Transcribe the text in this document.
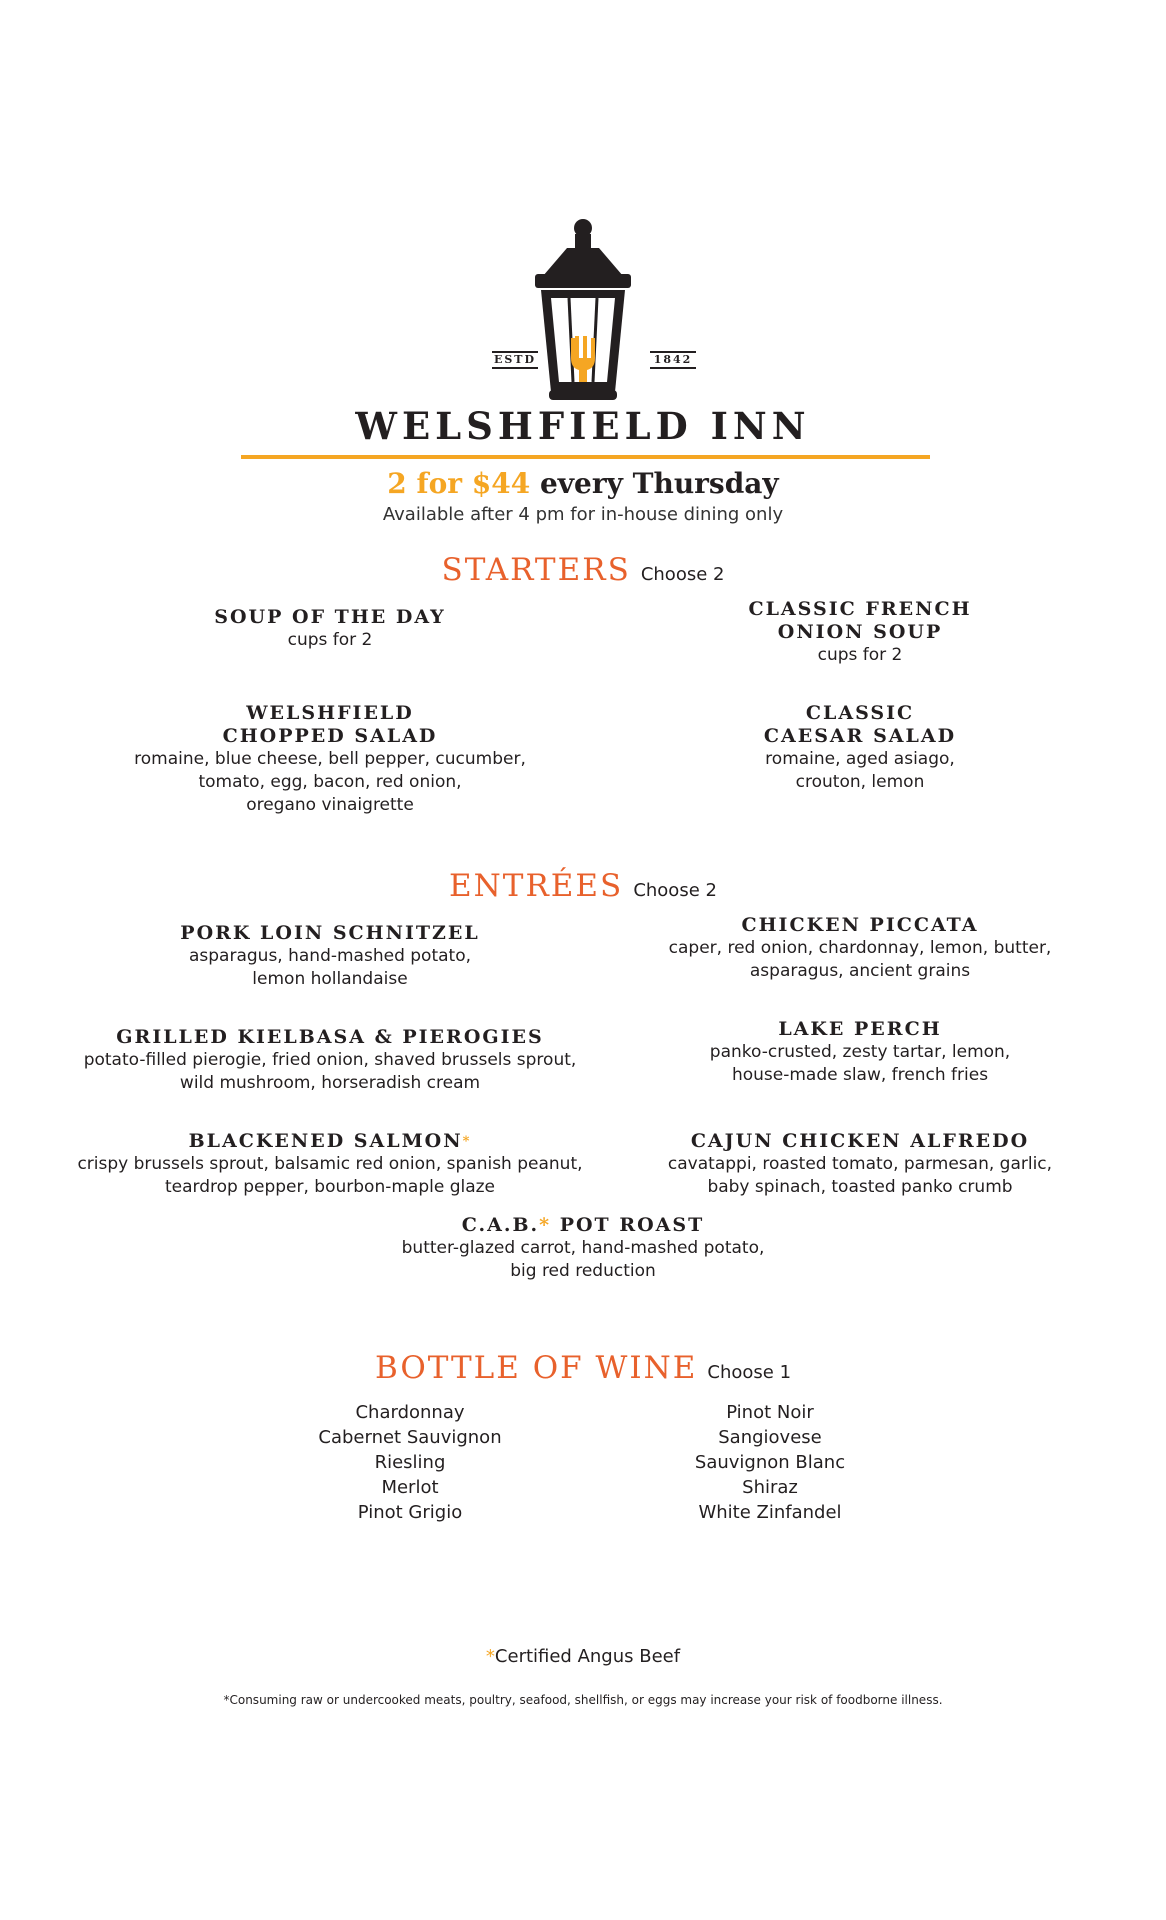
ESTD	1842
WELSHFIELD INN
2 for $44 every Thursday
Available after 4 pm for in-house dining only
STARTERS Choose 2
SOUP OF THE DAY
cups for 2
CLASSIC FRENCH
ONION SOUP
cups for 2
WELSHFIELD
CHOPPED SALAD
romaine, blue cheese, bell pepper, cucumber,
tomato, egg, bacon, red onion,
oregano vinaigrette
CLASSIC
CAESAR SALAD
romaine, aged asiago,
crouton, lemon
ENTRÉES Choose 2
PORK LOIN SCHNITZEL
asparagus, hand-mashed potato,
lemon hollandaise
CHICKEN PICCATA
caper, red onion, chardonnay, lemon, butter,
asparagus, ancient grains
GRILLED KIELBASA & PIEROGIES
potato-filled pierogie, fried onion, shaved brussels sprout,
wild mushroom, horseradish cream
LAKE PERCH
panko-crusted, zesty tartar, lemon,
house-made slaw, french fries
BLACKENED SALMON*
crispy brussels sprout, balsamic red onion, spanish peanut,
teardrop pepper, bourbon-maple glaze
CAJUN CHICKEN ALFREDO
cavatappi, roasted tomato, parmesan, garlic,
baby spinach, toasted panko crumb
C.A.B.* POT ROAST
butter-glazed carrot, hand-mashed potato,
big red reduction
BOTTLE OF WINE Choose 1
Chardonnay
Cabernet Sauvignon
Riesling
Merlot
Pinot Grigio
Pinot Noir
Sangiovese
Sauvignon Blanc
Shiraz
White Zinfandel
*Certified Angus Beef
*Consuming raw or undercooked meats, poultry, seafood, shellfish, or eggs may increase your risk of foodborne illness.
